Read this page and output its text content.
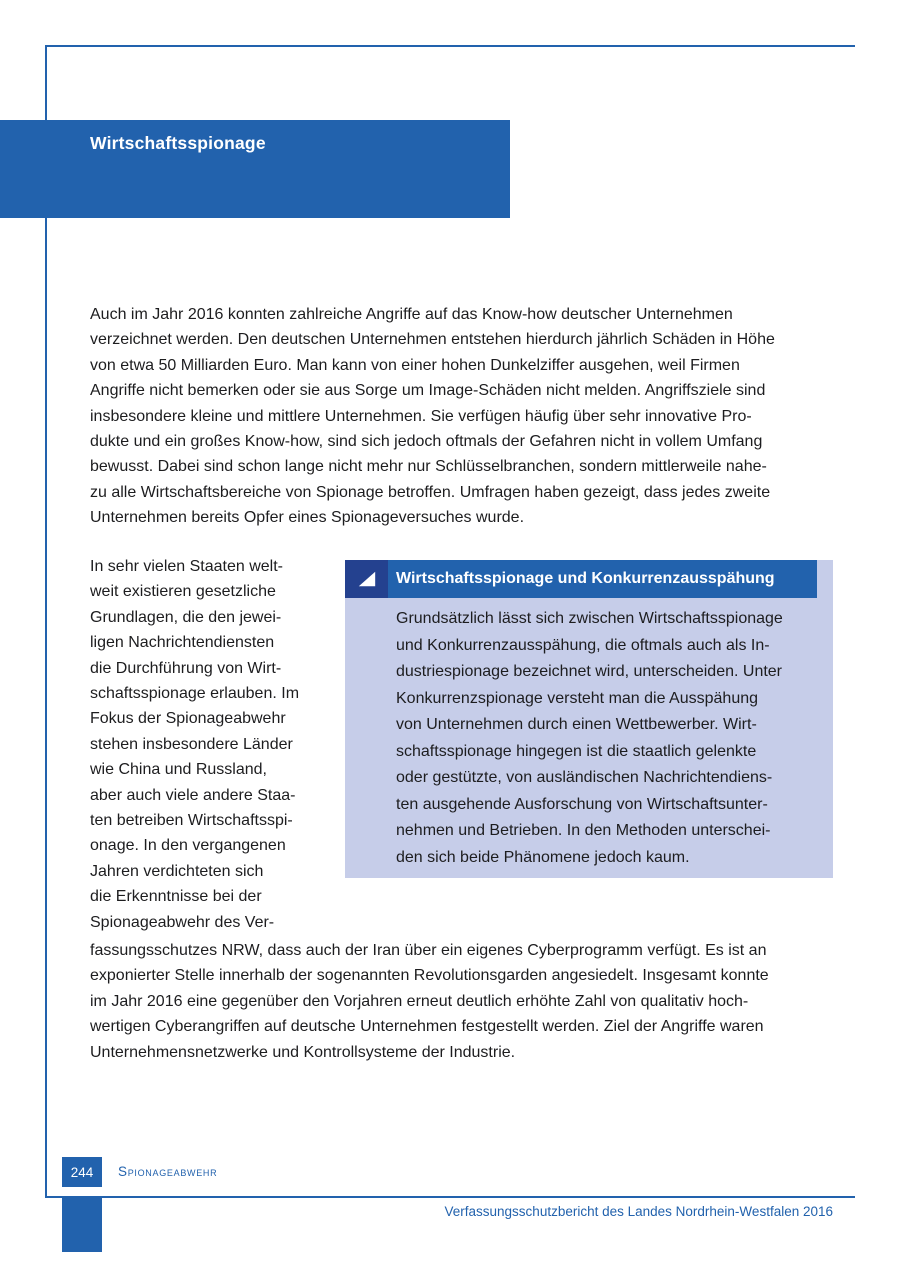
Wirtschaftsspionage
Auch im Jahr 2016 konnten zahlreiche Angriffe auf das Know-how deutscher Unternehmen
verzeichnet werden. Den deutschen Unternehmen entstehen hierdurch jährlich Schäden in Höhe
von etwa 50 Milliarden Euro. Man kann von einer hohen Dunkelziffer ausgehen, weil Firmen
Angriffe nicht bemerken oder sie aus Sorge um Image-Schäden nicht melden. Angriffsziele sind
insbesondere kleine und mittlere Unternehmen. Sie verfügen häufig über sehr innovative Pro-
dukte und ein großes Know-how, sind sich jedoch oftmals der Gefahren nicht in vollem Umfang
bewusst. Dabei sind schon lange nicht mehr nur Schlüsselbranchen, sondern mittlerweile nahe-
zu alle Wirtschaftsbereiche von Spionage betroffen. Umfragen haben gezeigt, dass jedes zweite
Unternehmen bereits Opfer eines Spionageversuches wurde.
In sehr vielen Staaten welt-
weit existieren gesetzliche
Grundlagen, die den jewei-
ligen Nachrichtendiensten
die Durchführung von Wirt-
schaftsspionage erlauben. Im
Fokus der Spionageabwehr
stehen insbesondere Länder
wie China und Russland,
aber auch viele andere Staa-
ten betreiben Wirtschaftsspi-
onage. In den vergangenen
Jahren verdichteten sich
die Erkenntnisse bei der
Spionageabwehr des Ver-
Grundsätzlich lässt sich zwischen Wirtschaftsspionage
und Konkurrenzausspähung, die oftmals auch als In-
dustriespionage bezeichnet wird, unterscheiden. Unter
Konkurrenzspionage versteht man die Ausspähung
von Unternehmen durch einen Wettbewerber. Wirt-
schaftsspionage hingegen ist die staatlich gelenkte
oder gestützte, von ausländischen Nachrichtendiens-
ten ausgehende Ausforschung von Wirtschaftsunter-
nehmen und Betrieben. In den Methoden unterschei-
den sich beide Phänomene jedoch kaum.
Wirtschaftsspionage und Konkurrenzausspähung
fassungsschutzes NRW, dass auch der Iran über ein eigenes Cyberprogramm verfügt. Es ist an
exponierter Stelle innerhalb der sogenannten Revolutionsgarden angesiedelt. Insgesamt konnte
im Jahr 2016 eine gegenüber den Vorjahren erneut deutlich erhöhte Zahl von qualitativ hoch-
wertigen Cyberangriffen auf deutsche Unternehmen festgestellt werden. Ziel der Angriffe waren
Unternehmensnetzwerke und Kontrollsysteme der Industrie.
244 Spionageabwehr
Verfassungsschutzbericht des Landes Nordrhein-Westfalen 2016
